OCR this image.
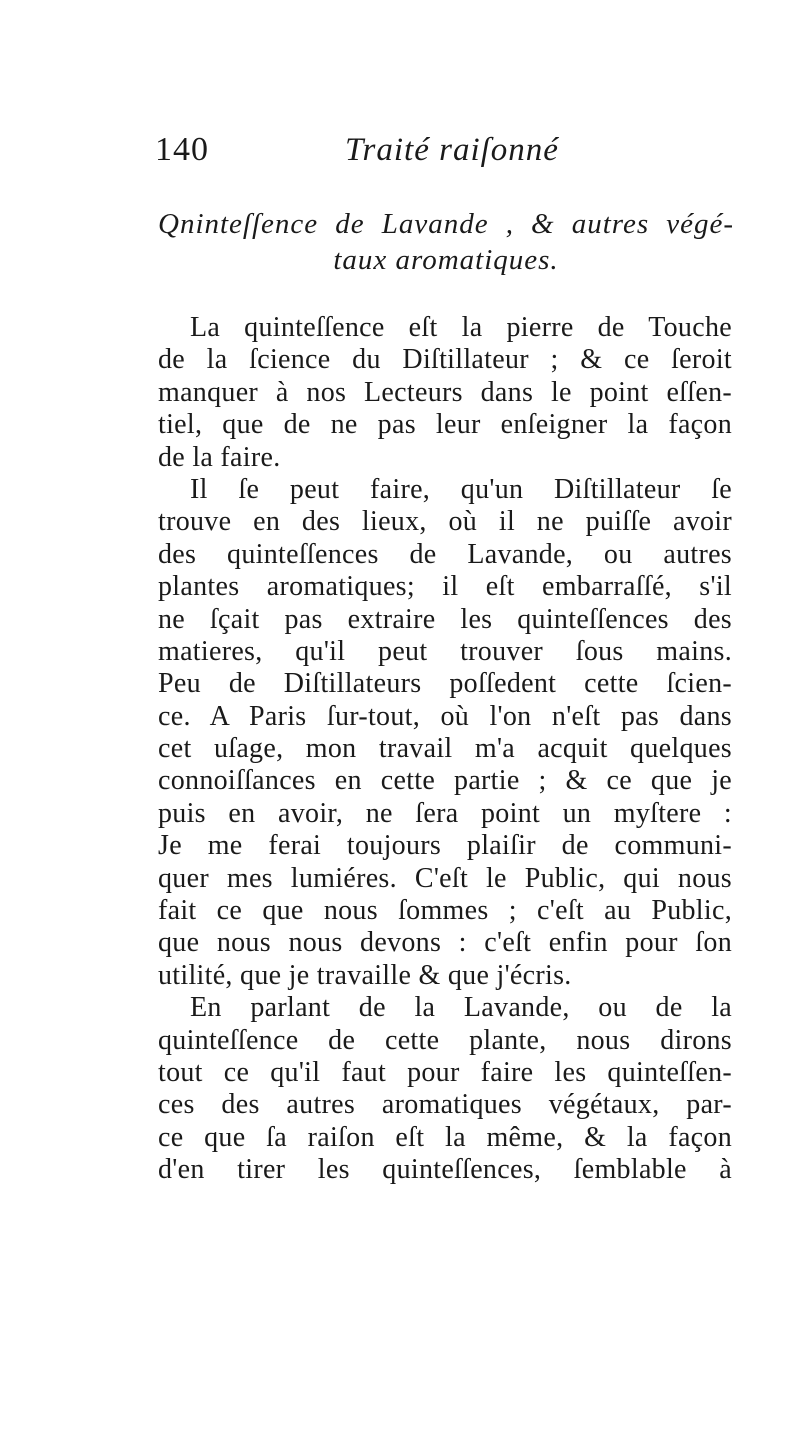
140	Traité raiſonné
Qninteſſence de Lavande , & autres végé-
taux aromatiques.
La quinteſſence eſt la pierre de Touche
de la ſcience du Diſtillateur ; & ce ſeroit
manquer à nos Lecteurs dans le point eſſen-
tiel, que de ne pas leur enſeigner la façon
de la faire.
Il ſe peut faire, qu'un Diſtillateur ſe
trouve en des lieux, où il ne puiſſe avoir
des quinteſſences de Lavande, ou autres
plantes aromatiques; il eſt embarraſſé, s'il
ne ſçait pas extraire les quinteſſences des
matieres, qu'il peut trouver ſous mains.
Peu de Diſtillateurs poſſedent cette ſcien-
ce. A Paris ſur-tout, où l'on n'eſt pas dans
cet uſage, mon travail m'a acquit quelques
connoiſſances en cette partie ; & ce que je
puis en avoir, ne ſera point un myſtere :
Je me ferai toujours plaiſir de communi-
quer mes lumiéres. C'eſt le Public, qui nous
fait ce que nous ſommes ; c'eſt au Public,
que nous nous devons : c'eſt enfin pour ſon
utilité, que je travaille & que j'écris.
En parlant de la Lavande, ou de la
quinteſſence de cette plante, nous dirons
tout ce qu'il faut pour faire les quinteſſen-
ces des autres aromatiques végétaux, par-
ce que ſa raiſon eſt la même, & la façon
d'en tirer les quinteſſences, ſemblable à
